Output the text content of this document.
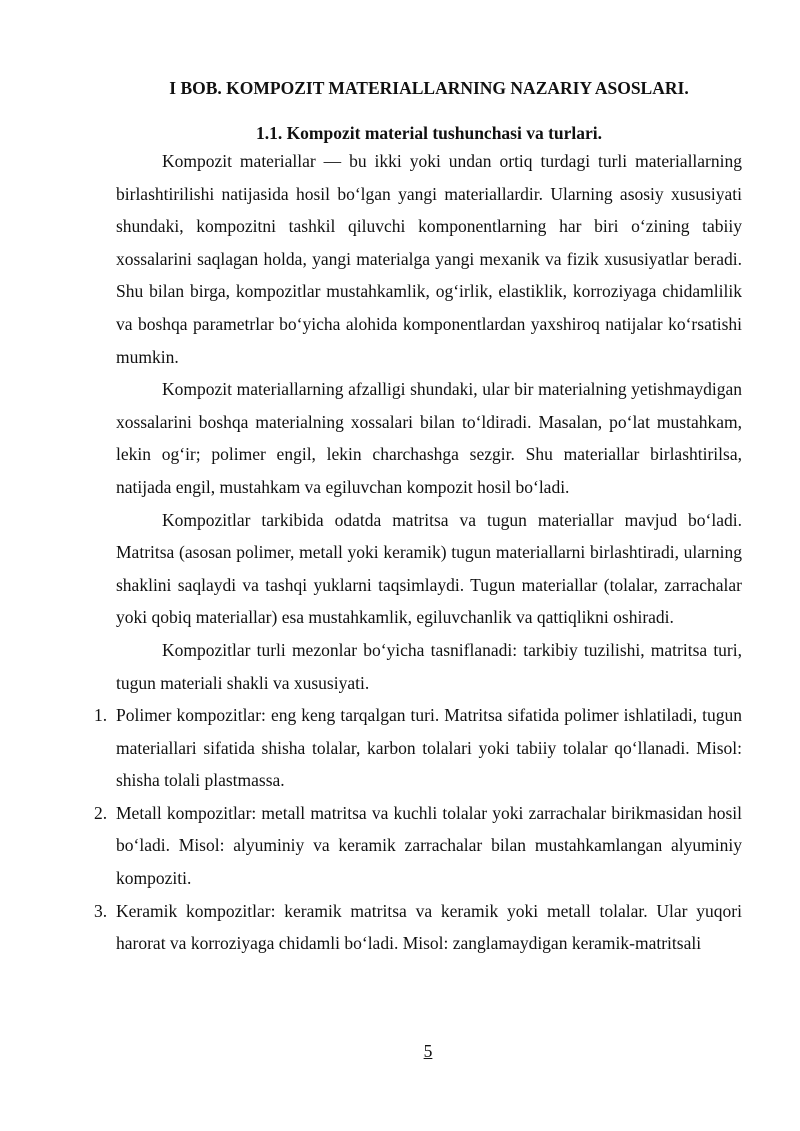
I BOB. KOMPOZIT MATERIALLARNING NAZARIY ASOSLARI.
1.1. Kompozit material tushunchasi va turlari.

Kompozit materiallar — bu ikki yoki undan ortiq turdagi turli materiallarning birlashtirilishi natijasida hosil bo‘lgan yangi materiallardir. Ularning asosiy xususiyati shundaki, kompozitni tashkil qiluvchi komponentlarning har biri o‘zining tabiiy xossalarini saqlagan holda, yangi materialga yangi mexanik va fizik xususiyatlar beradi. Shu bilan birga, kompozitlar mustahkamlik, og‘irlik, elastiklik, korroziyaga chidamlilik va boshqa parametrlar bo‘yicha alohida komponentlardan yaxshiroq natijalar ko‘rsatishi mumkin.

Kompozit materiallarning afzalligi shundaki, ular bir materialning yetishmaydigan xossalarini boshqa materialning xossalari bilan to‘ldiradi. Masalan, po‘lat mustahkam, lekin og‘ir; polimer engil, lekin charchashga sezgir. Shu materiallar birlashtirilsa, natijada engil, mustahkam va egiluvchan kompozit hosil bo‘ladi.

Kompozitlar tarkibida odatda matritsa va tugun materiallar mavjud bo‘ladi. Matritsa (asosan polimer, metall yoki keramik) tugun materiallarni birlashtiradi, ularning shaklini saqlaydi va tashqi yuklarni taqsimlaydi. Tugun materiallar (tolalar, zarrachalar yoki qobiq materiallar) esa mustahkamlik, egiluvchanlik va qattiqlikni oshiradi.

Kompozitlar turli mezonlar bo‘yicha tasniflanadi: tarkibiy tuzilishi, matritsa turi, tugun materiali shakli va xususiyati.

1. Polimer kompozitlar: eng keng tarqalgan turi. Matritsa sifatida polimer ishlatiladi, tugun materiallari sifatida shisha tolalar, karbon tolalari yoki tabiiy tolalar qo‘llanadi. Misol: shisha tolali plastmassa.
2. Metall kompozitlar: metall matritsa va kuchli tolalar yoki zarrachalar birikmasidan hosil bo‘ladi. Misol: alyuminiy va keramik zarrachalar bilan mustahkamlangan alyuminiy kompoziti.
3. Keramik kompozitlar: keramik matritsa va keramik yoki metall tolalar. Ular yuqori harorat va korroziyaga chidamli bo‘ladi. Misol: zanglamaydigan keramik-matritsali
5
